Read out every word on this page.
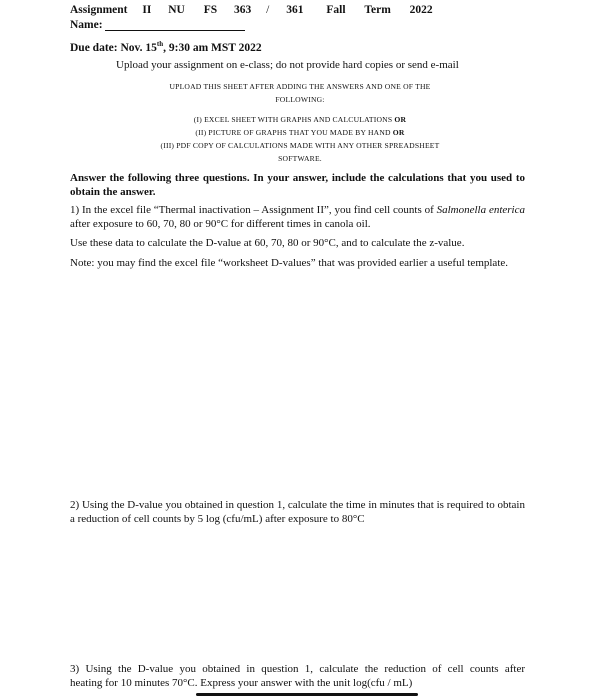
Assignment II NU FS 363 / 361 Fall Term 2022
Name:
Due date: Nov. 15th, 9:30 am MST 2022
Upload your assignment on e-class; do not provide hard copies or send e-mail
UPLOAD THIS SHEET AFTER ADDING THE ANSWERS AND ONE OF THE
FOLLOWING:
(I) EXCEL SHEET WITH GRAPHS AND CALCULATIONS OR
(II) PICTURE OF GRAPHS THAT YOU MADE BY HAND OR
(III) PDF COPY OF CALCULATIONS MADE WITH ANY OTHER SPREADSHEET
SOFTWARE.
Answer the following three questions. In your answer, include the calculations that you used to obtain the answer.
1) In the excel file “Thermal inactivation – Assignment II”, you find cell counts of Salmonella enterica after exposure to 60, 70, 80 or 90°C for different times in canola oil.
Use these data to calculate the D-value at 60, 70, 80 or 90°C, and to calculate the z-value.
Note: you may find the excel file “worksheet D-values” that was provided earlier a useful template.
2) Using the D-value you obtained in question 1, calculate the time in minutes that is required to obtain a reduction of cell counts by 5 log (cfu/mL) after exposure to 80°C
3) Using the D-value you obtained in question 1, calculate the reduction of cell counts after
heating for 10 minutes 70°C. Express your answer with the unit log(cfu / mL)
